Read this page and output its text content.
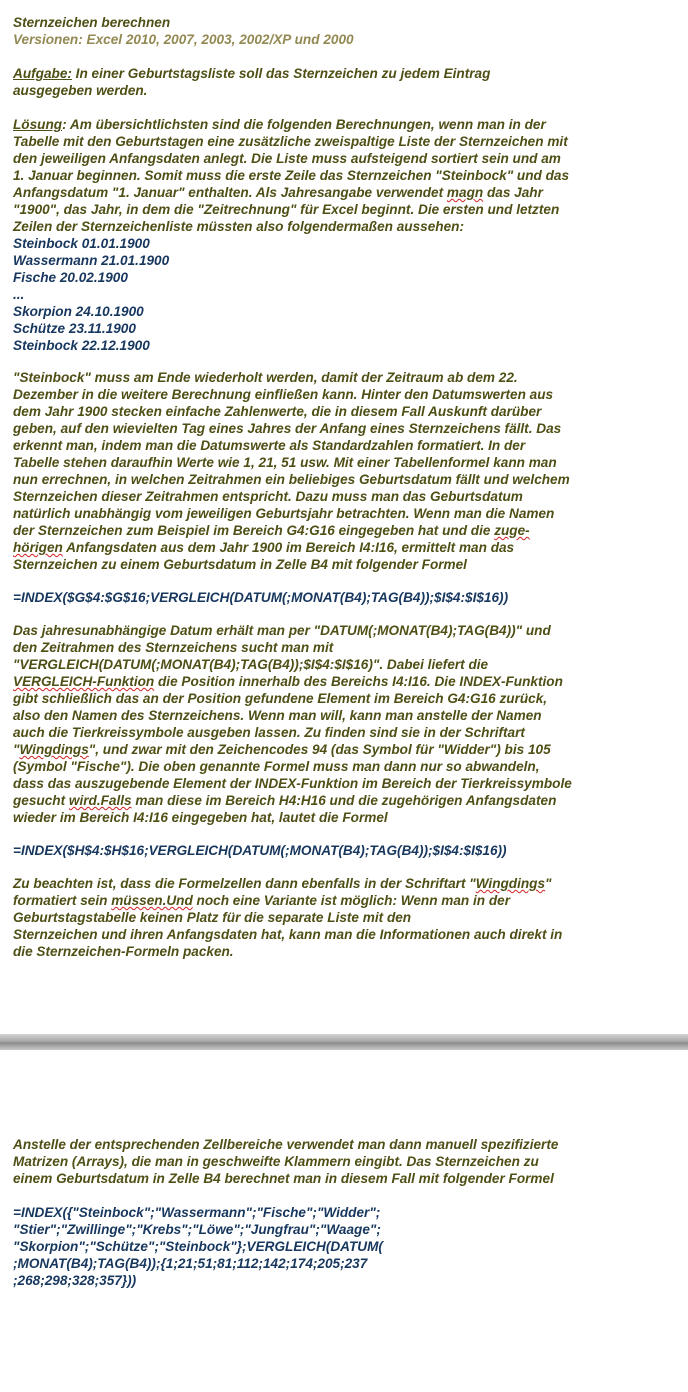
Sternzeichen berechnen
Versionen: Excel 2010, 2007, 2003, 2002/XP und 2000
Aufgabe: In einer Geburtstagsliste soll das Sternzeichen zu jedem Eintrag
ausgegeben werden.
Lösung: Am übersichtlichsten sind die folgenden Berechnungen, wenn man in der
Tabelle mit den Geburtstagen eine zusätzliche zweispaltige Liste der Sternzeichen mit
den jeweiligen Anfangsdaten anlegt. Die Liste muss aufsteigend sortiert sein und am
1. Januar beginnen. Somit muss die erste Zeile das Sternzeichen "Steinbock" und das
Anfangsdatum "1. Januar" enthalten. Als Jahresangabe verwendet magn das Jahr
"1900", das Jahr, in dem die "Zeitrechnung" für Excel beginnt. Die ersten und letzten
Zeilen der Sternzeichenliste müssten also folgendermaßen aussehen:
Steinbock 01.01.1900
Wassermann 21.01.1900
Fische 20.02.1900
...
Skorpion 24.10.1900
Schütze 23.11.1900
Steinbock 22.12.1900
"Steinbock" muss am Ende wiederholt werden, damit der Zeitraum ab dem 22.
Dezember in die weitere Berechnung einfließen kann. Hinter den Datumswerten aus
dem Jahr 1900 stecken einfache Zahlenwerte, die in diesem Fall Auskunft darüber
geben, auf den wievielten Tag eines Jahres der Anfang eines Sternzeichens fällt. Das
erkennt man, indem man die Datumswerte als Standardzahlen formatiert. In der
Tabelle stehen daraufhin Werte wie 1, 21, 51 usw. Mit einer Tabellenformel kann man
nun errechnen, in welchen Zeitrahmen ein beliebiges Geburtsdatum fällt und welchem
Sternzeichen dieser Zeitrahmen entspricht. Dazu muss man das Geburtsdatum
natürlich unabhängig vom jeweiligen Geburtsjahr betrachten. Wenn man die Namen
der Sternzeichen zum Beispiel im Bereich G4:G16 eingegeben hat und die zuge-
hörigen Anfangsdaten aus dem Jahr 1900 im Bereich I4:I16, ermittelt man das
Sternzeichen zu einem Geburtsdatum in Zelle B4 mit folgender Formel
=INDEX($G$4:$G$16;VERGLEICH(DATUM(;MONAT(B4);TAG(B4));$I$4:$I$16))
Das jahresunabhängige Datum erhält man per "DATUM(;MONAT(B4);TAG(B4))" und
den Zeitrahmen des Sternzeichens sucht man mit
"VERGLEICH(DATUM(;MONAT(B4);TAG(B4));$I$4:$I$16)". Dabei liefert die
VERGLEICH-Funktion die Position innerhalb des Bereichs I4:I16. Die INDEX-Funktion
gibt schließlich das an der Position gefundene Element im Bereich G4:G16 zurück,
also den Namen des Sternzeichens. Wenn man will, kann man anstelle der Namen
auch die Tierkreissymbole ausgeben lassen. Zu finden sind sie in der Schriftart
"Wingdings", und zwar mit den Zeichencodes 94 (das Symbol für "Widder") bis 105
(Symbol "Fische"). Die oben genannte Formel muss man dann nur so abwandeln,
dass das auszugebende Element der INDEX-Funktion im Bereich der Tierkreissymbole
gesucht wird.Falls man diese im Bereich H4:H16 und die zugehörigen Anfangsdaten
wieder im Bereich I4:I16 eingegeben hat, lautet die Formel
=INDEX($H$4:$H$16;VERGLEICH(DATUM(;MONAT(B4);TAG(B4));$I$4:$I$16))
Zu beachten ist, dass die Formelzellen dann ebenfalls in der Schriftart "Wingdings"
formatiert sein müssen.Und noch eine Variante ist möglich: Wenn man in der
Geburtstagstabelle keinen Platz für die separate Liste mit den
Sternzeichen und ihren Anfangsdaten hat, kann man die Informationen auch direkt in
die Sternzeichen-Formeln packen.
Anstelle der entsprechenden Zellbereiche verwendet man dann manuell spezifizierte
Matrizen (Arrays), die man in geschweifte Klammern eingibt. Das Sternzeichen zu
einem Geburtsdatum in Zelle B4 berechnet man in diesem Fall mit folgender Formel
=INDEX({"Steinbock";"Wassermann";"Fische";"Widder";
"Stier";"Zwillinge";"Krebs";"Löwe";"Jungfrau";"Waage";
"Skorpion";"Schütze";"Steinbock"};VERGLEICH(DATUM(
;MONAT(B4);TAG(B4));{1;21;51;81;112;142;174;205;237
;268;298;328;357}))
